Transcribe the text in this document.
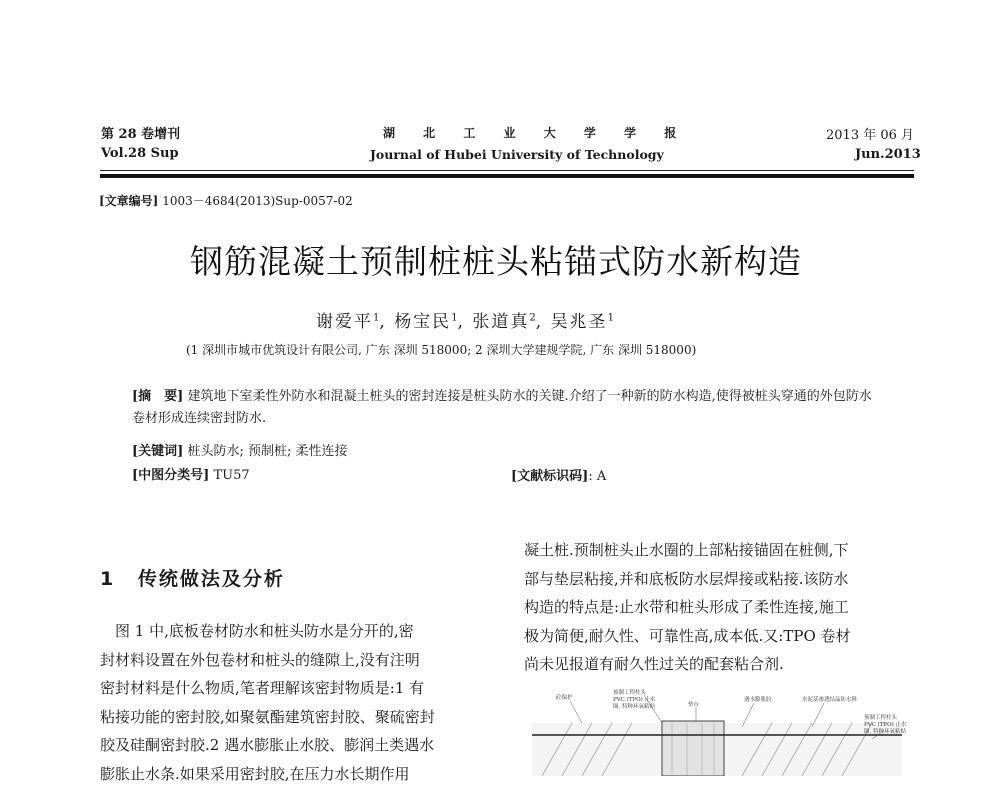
第 28 卷增刊
Vol.28 Sup
湖 北 工 业 大 学 学 报
Journal of Hubei University of Technology
2013 年 06 月
Jun.2013
[文章编号] 1003－4684(2013)Sup-0057-02
钢筋混凝土预制桩桩头粘锚式防水新构造
谢爱平$^1$, 杨宝民$^1$, 张道真$^2$, 吴兆圣$^1$
(1 深圳市城市优筑设计有限公司, 广东 深圳 518000; 2 深圳大学建规学院, 广东 深圳 518000)
[摘　要] 建筑地下室柔性外防水和混凝土桩头的密封连接是桩头防水的关键.介绍了一种新的防水构造,使得被桩头穿通的外包防水卷材形成连续密封防水.
[关键词] 桩头防水; 预制桩; 柔性连接
[中图分类号] TU57	[文献标识码]: A
1 传统做法及分析
　图 1 中,底板卷材防水和桩头防水是分开的,密
封材料设置在外包卷材和桩头的缝隙上,没有注明
密封材料是什么物质,笔者理解该密封物质是:1 有
粘接功能的密封胶,如聚氨酯建筑密封胶、聚硫密封
胶及硅酮密封胶.2 遇水膨胀止水胶、膨润土类遇水
膨胀止水条.如果采用密封胶,在压力水长期作用
凝土桩.预制桩头止水圈的上部粘接锚固在桩侧,下
部与垫层粘接,并和底板防水层焊接或粘接.该防水
构造的特点是:止水带和桩头形成了柔性连接,施工
极为简便,耐久性、可靠性高,成本低.又:TPO 卷材
尚未见报道有耐久性过关的配套粘合剂.
预制工程柱头
PVC (TPO) 止水
圈, 特种环氧粘贴
砼保护
垫台
遇水膨胀胶	水泥基渗透结晶防水料
预制工程柱头
PVC (TPO) 止水
圈, 特种环氧粘贴
